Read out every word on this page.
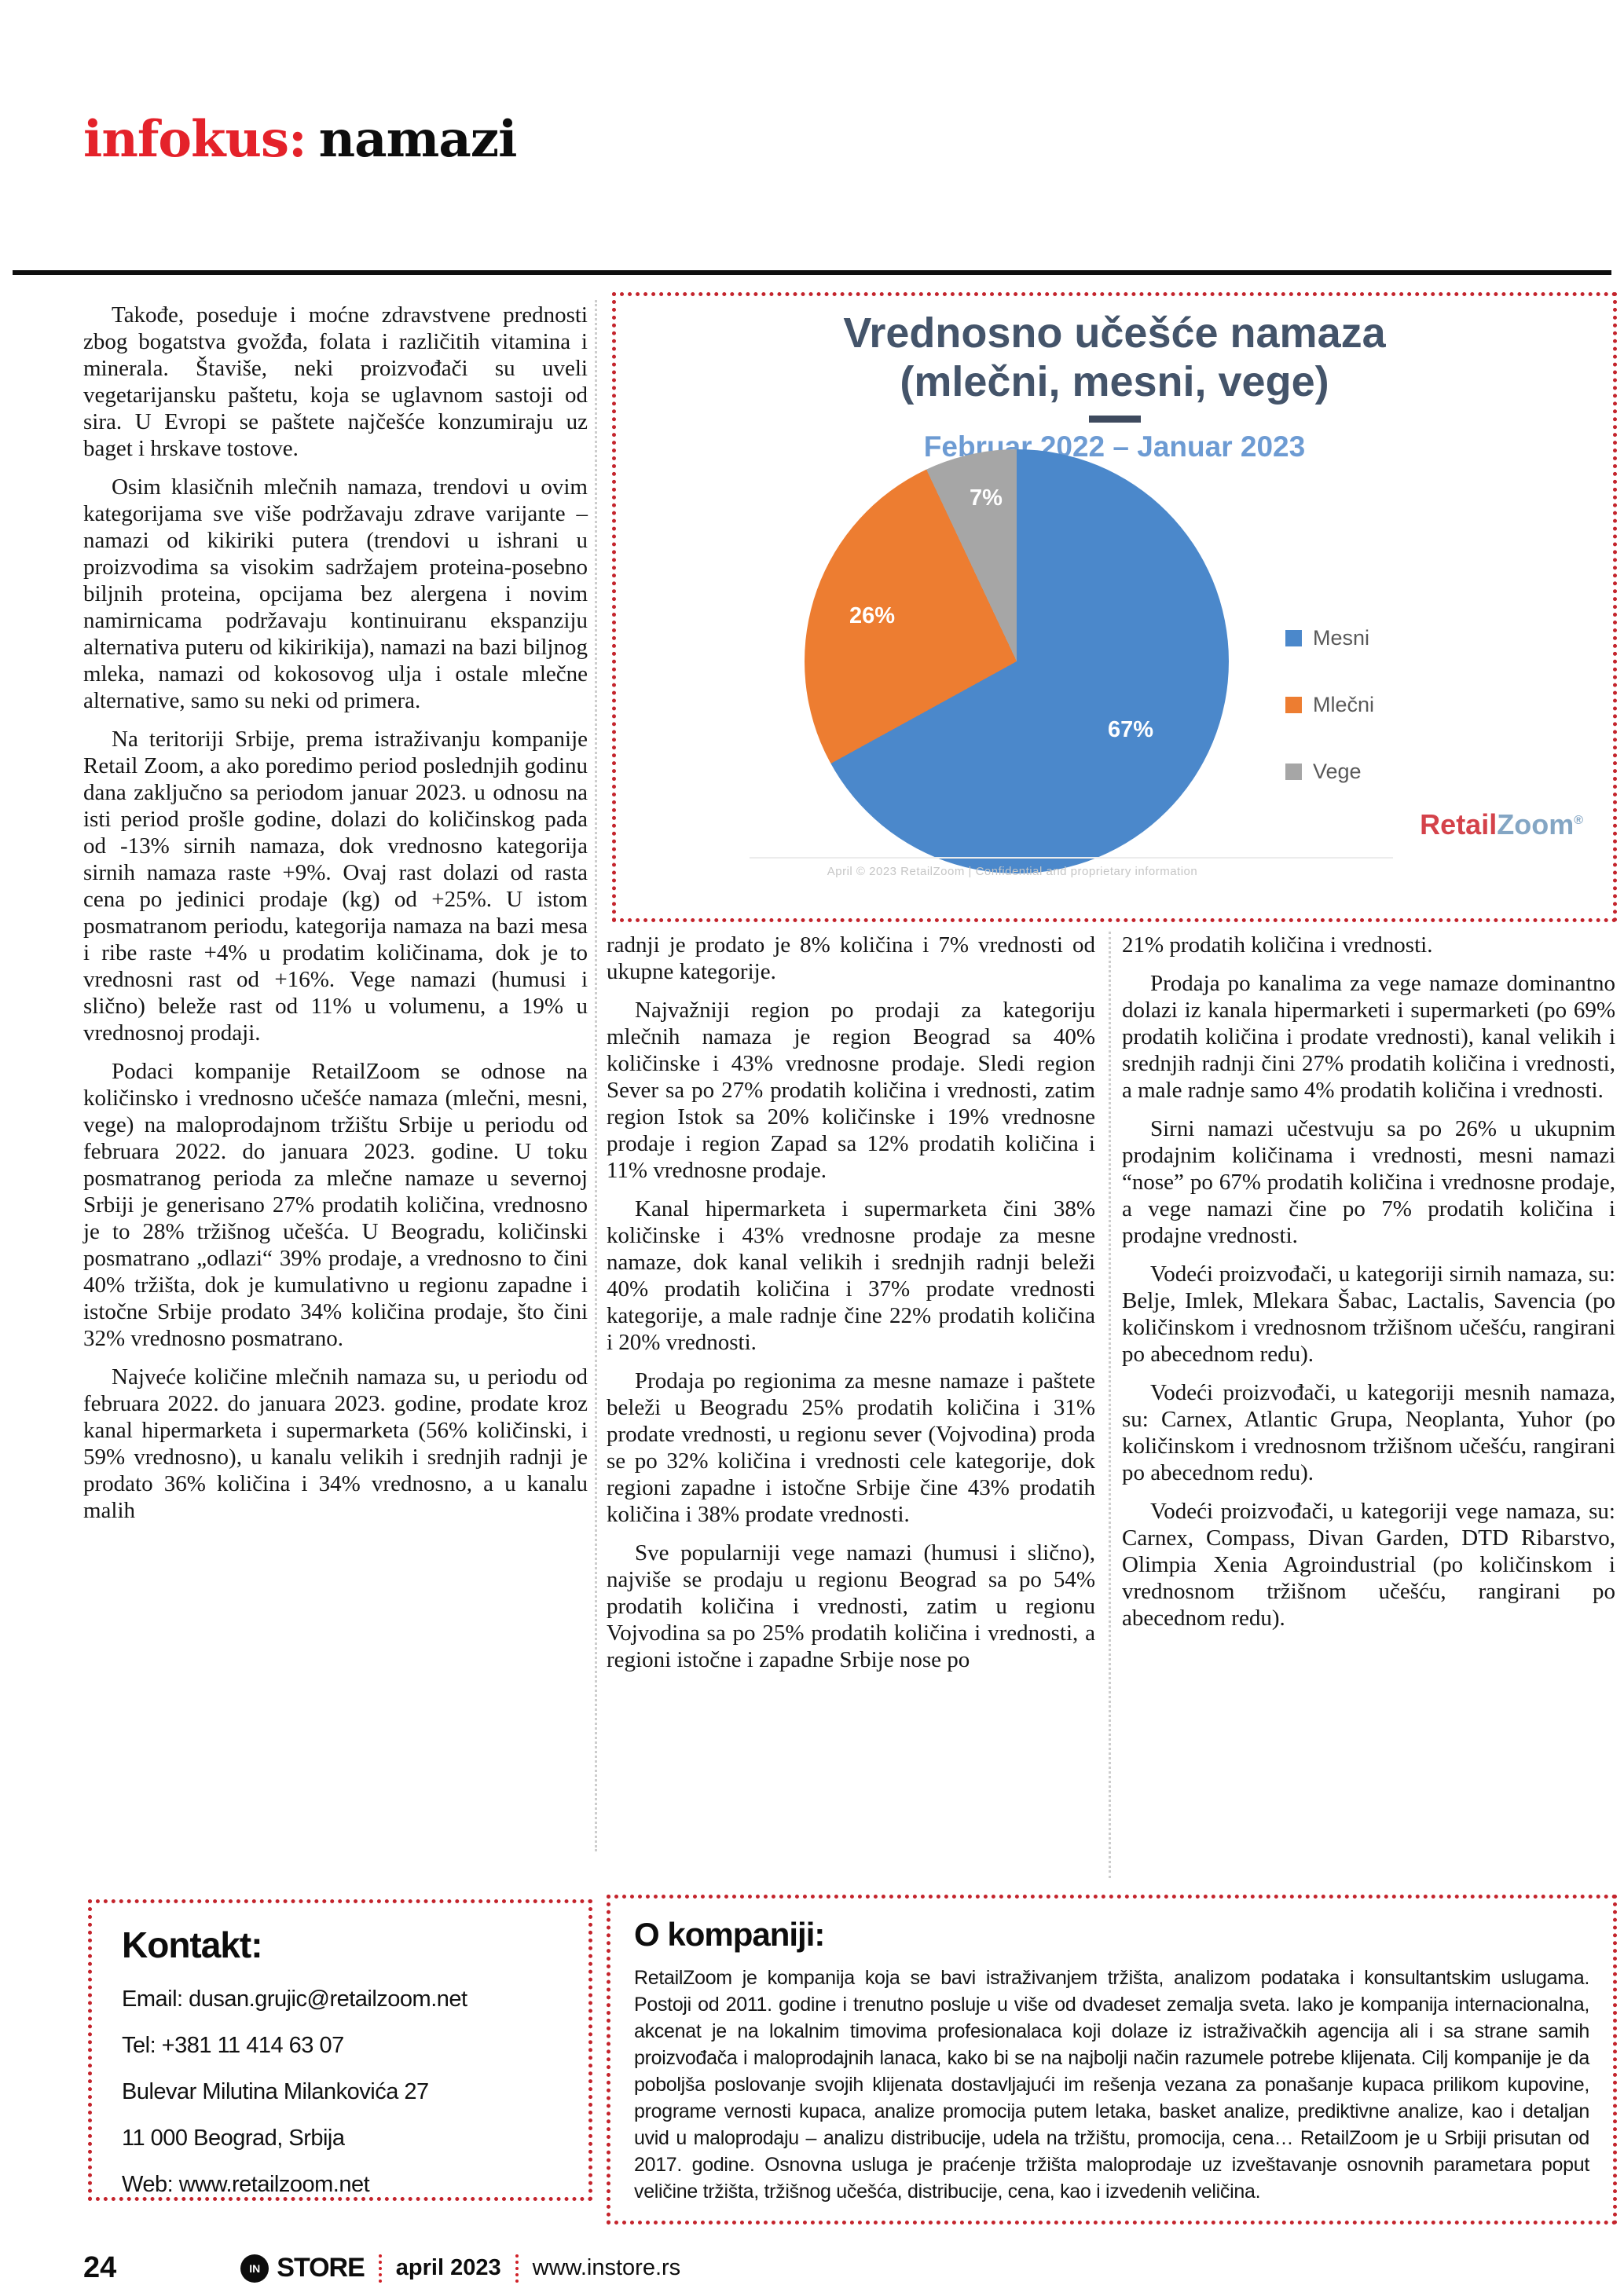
infokus: namazi
Vrednosno učešće namaza
(mlečni, mesni, vege)
Februar 2022 – Januar 2023
67%
26%
7%
Mesni
Mlečni
Vege
RetailZoom®
April © 2023 RetailZoom | Confidential and proprietary information

Takođe, poseduje i moćne zdravstvene prednosti zbog bogatstva gvožđa, folata i različitih vitamina i minerala. Štaviše, neki proizvođači su uveli vegetarijansku paštetu, koja se uglavnom sastoji od sira. U Evropi se paštete najčešće konzumiraju uz baget i hrskave tostove.

Osim klasičnih mlečnih namaza, trendovi u ovim kategorijama sve više podržavaju zdrave varijante – namazi od kikiriki putera (trendovi u ishrani u proizvodima sa visokim sadržajem proteina-posebno biljnih proteina, opcijama bez alergena i novim namirnicama podržavaju kontinuiranu ekspanziju alternativa puteru od kikirikija), namazi na bazi biljnog mleka, namazi od kokosovog ulja i ostale mlečne alternative, samo su neki od primera.

Na teritoriji Srbije, prema istraživanju kompanije Retail Zoom, a ako poredimo period poslednjih godinu dana zaključno sa periodom januar 2023. u odnosu na isti period prošle godine, dolazi do količinskog pada od -13% sirnih namaza, dok vrednosno kategorija sirnih namaza raste +9%. Ovaj rast dolazi od rasta cena po jedinici prodaje (kg) od +25%. U istom posmatranom periodu, kategorija namaza na bazi mesa i ribe raste +4% u prodatim količinama, dok je to vrednosni rast od +16%. Vege namazi (humusi i slično) beleže rast od 11% u volumenu, a 19% u vrednosnoj prodaji.

Podaci kompanije RetailZoom se odnose na količinsko i vrednosno učešće namaza (mlečni, mesni, vege) na maloprodajnom tržištu Srbije u periodu od februara 2022. do januara 2023. godine. U toku posmatranog perioda za mlečne namaze u severnoj Srbiji je generisano 27% prodatih količina, vrednosno je to 28% tržišnog učešća. U Beogradu, količinski posmatrano „odlazi“ 39% prodaje, a vrednosno to čini 40% tržišta, dok je kumulativno u regionu zapadne i istočne Srbije prodato 34% količina prodaje, što čini 32% vrednosno posmatrano.

Najveće količine mlečnih namaza su, u periodu od februara 2022. do januara 2023. godine, prodate kroz kanal hipermarketa i supermarketa (56% količinski, i 59% vrednosno), u kanalu velikih i srednjih radnji je prodato 36% količina i 34% vrednosno, a u kanalu malih

radnji je prodato je 8% količina i 7% vrednosti od ukupne kategorije.

Najvažniji region po prodaji za kategoriju mlečnih namaza je region Beograd sa 40% količinske i 43% vrednosne prodaje. Sledi region Sever sa po 27% prodatih količina i vrednosti, zatim region Istok sa 20% količinske i 19% vrednosne prodaje i region Zapad sa 12% prodatih količina i 11% vrednosne prodaje.

Kanal hipermarketa i supermarketa čini 38% količinske i 43% vrednosne prodaje za mesne namaze, dok kanal velikih i srednjih radnji beleži 40% prodatih količina i 37% prodate vrednosti kategorije, a male radnje čine 22% prodatih količina i 20% vrednosti.

Prodaja po regionima za mesne namaze i paštete beleži u Beogradu 25% prodatih količina i 31% prodate vrednosti, u regionu sever (Vojvodina) proda se po 32% količina i vrednosti cele kategorije, dok regioni zapadne i istočne Srbije čine 43% prodatih količina i 38% prodate vrednosti.

Sve popularniji vege namazi (humusi i slično), najviše se prodaju u regionu Beograd sa po 54% prodatih količina i vrednosti, zatim u regionu Vojvodina sa po 25% prodatih količina i vrednosti, a regioni istočne i zapadne Srbije nose po

21% prodatih količina i vrednosti.

Prodaja po kanalima za vege namaze dominantno dolazi iz kanala hipermarketi i supermarketi (po 69% prodatih količina i prodate vrednosti), kanal velikih i srednjih radnji čini 27% prodatih količina i vrednosti, a male radnje samo 4% prodatih količina i vrednosti.

Sirni namazi učestvuju sa po 26% u ukupnim prodajnim količinama i vrednosti, mesni namazi “nose” po 67% prodatih količina i vrednosne prodaje, a vege namazi čine po 7% prodatih količina i prodajne vrednosti.

Vodeći proizvođači, u kategoriji sirnih namaza, su: Belje, Imlek, Mlekara Šabac, Lactalis, Savencia (po količinskom i vrednosnom tržišnom učešću, rangirani po abecednom redu).

Vodeći proizvođači, u kategoriji mesnih namaza, su: Carnex, Atlantic Grupa, Neoplanta, Yuhor (po količinskom i vrednosnom tržišnom učešću, rangirani po abecednom redu).

Vodeći proizvođači, u kategoriji vege namaza, su: Carnex, Compass, Divan Garden, DTD Ribarstvo, Olimpia Xenia Agroindustrial (po količinskom i vrednosnom tržišnom učešću, rangirani po abecednom redu).

Kontakt:
Email: dusan.grujic@retailzoom.net
Tel: +381 11 414 63 07
Bulevar Milutina Milankovića 27
11 000 Beograd, Srbija
Web: www.retailzoom.net
O kompaniji:
RetailZoom je kompanija koja se bavi istraživanjem tržišta, analizom podataka i konsultantskim uslugama. Postoji od 2011. godine i trenutno posluje u više od dvadeset zemalja sveta. Iako je kompanija internacionalna, akcenat je na lokalnim timovima profesionalaca koji dolaze iz istraživačkih agencija ali i sa strane samih proizvođača i maloprodajnih lanaca, kako bi se na najbolji način razumele potrebe klijenata. Cilj kompanije je da poboljša poslovanje svojih klijenata dostavljajući im rešenja vezana za ponašanje kupaca prilikom kupovine, programe vernosti kupaca, analize promocija putem letaka, basket analize, prediktivne analize, kao i detaljan uvid u maloprodaju – analizu distribucije, udela na tržištu, promocija, cena… RetailZoom je u Srbiji prisutan od 2017. godine. Osnovna usluga je praćenje tržišta maloprodaje uz izveštavanje osnovnih parametara poput veličine tržišta, tržišnog učešća, distribucije, cena, kao i izvedenih veličina.
24	IN STORE april 2023 www.instore.rs
